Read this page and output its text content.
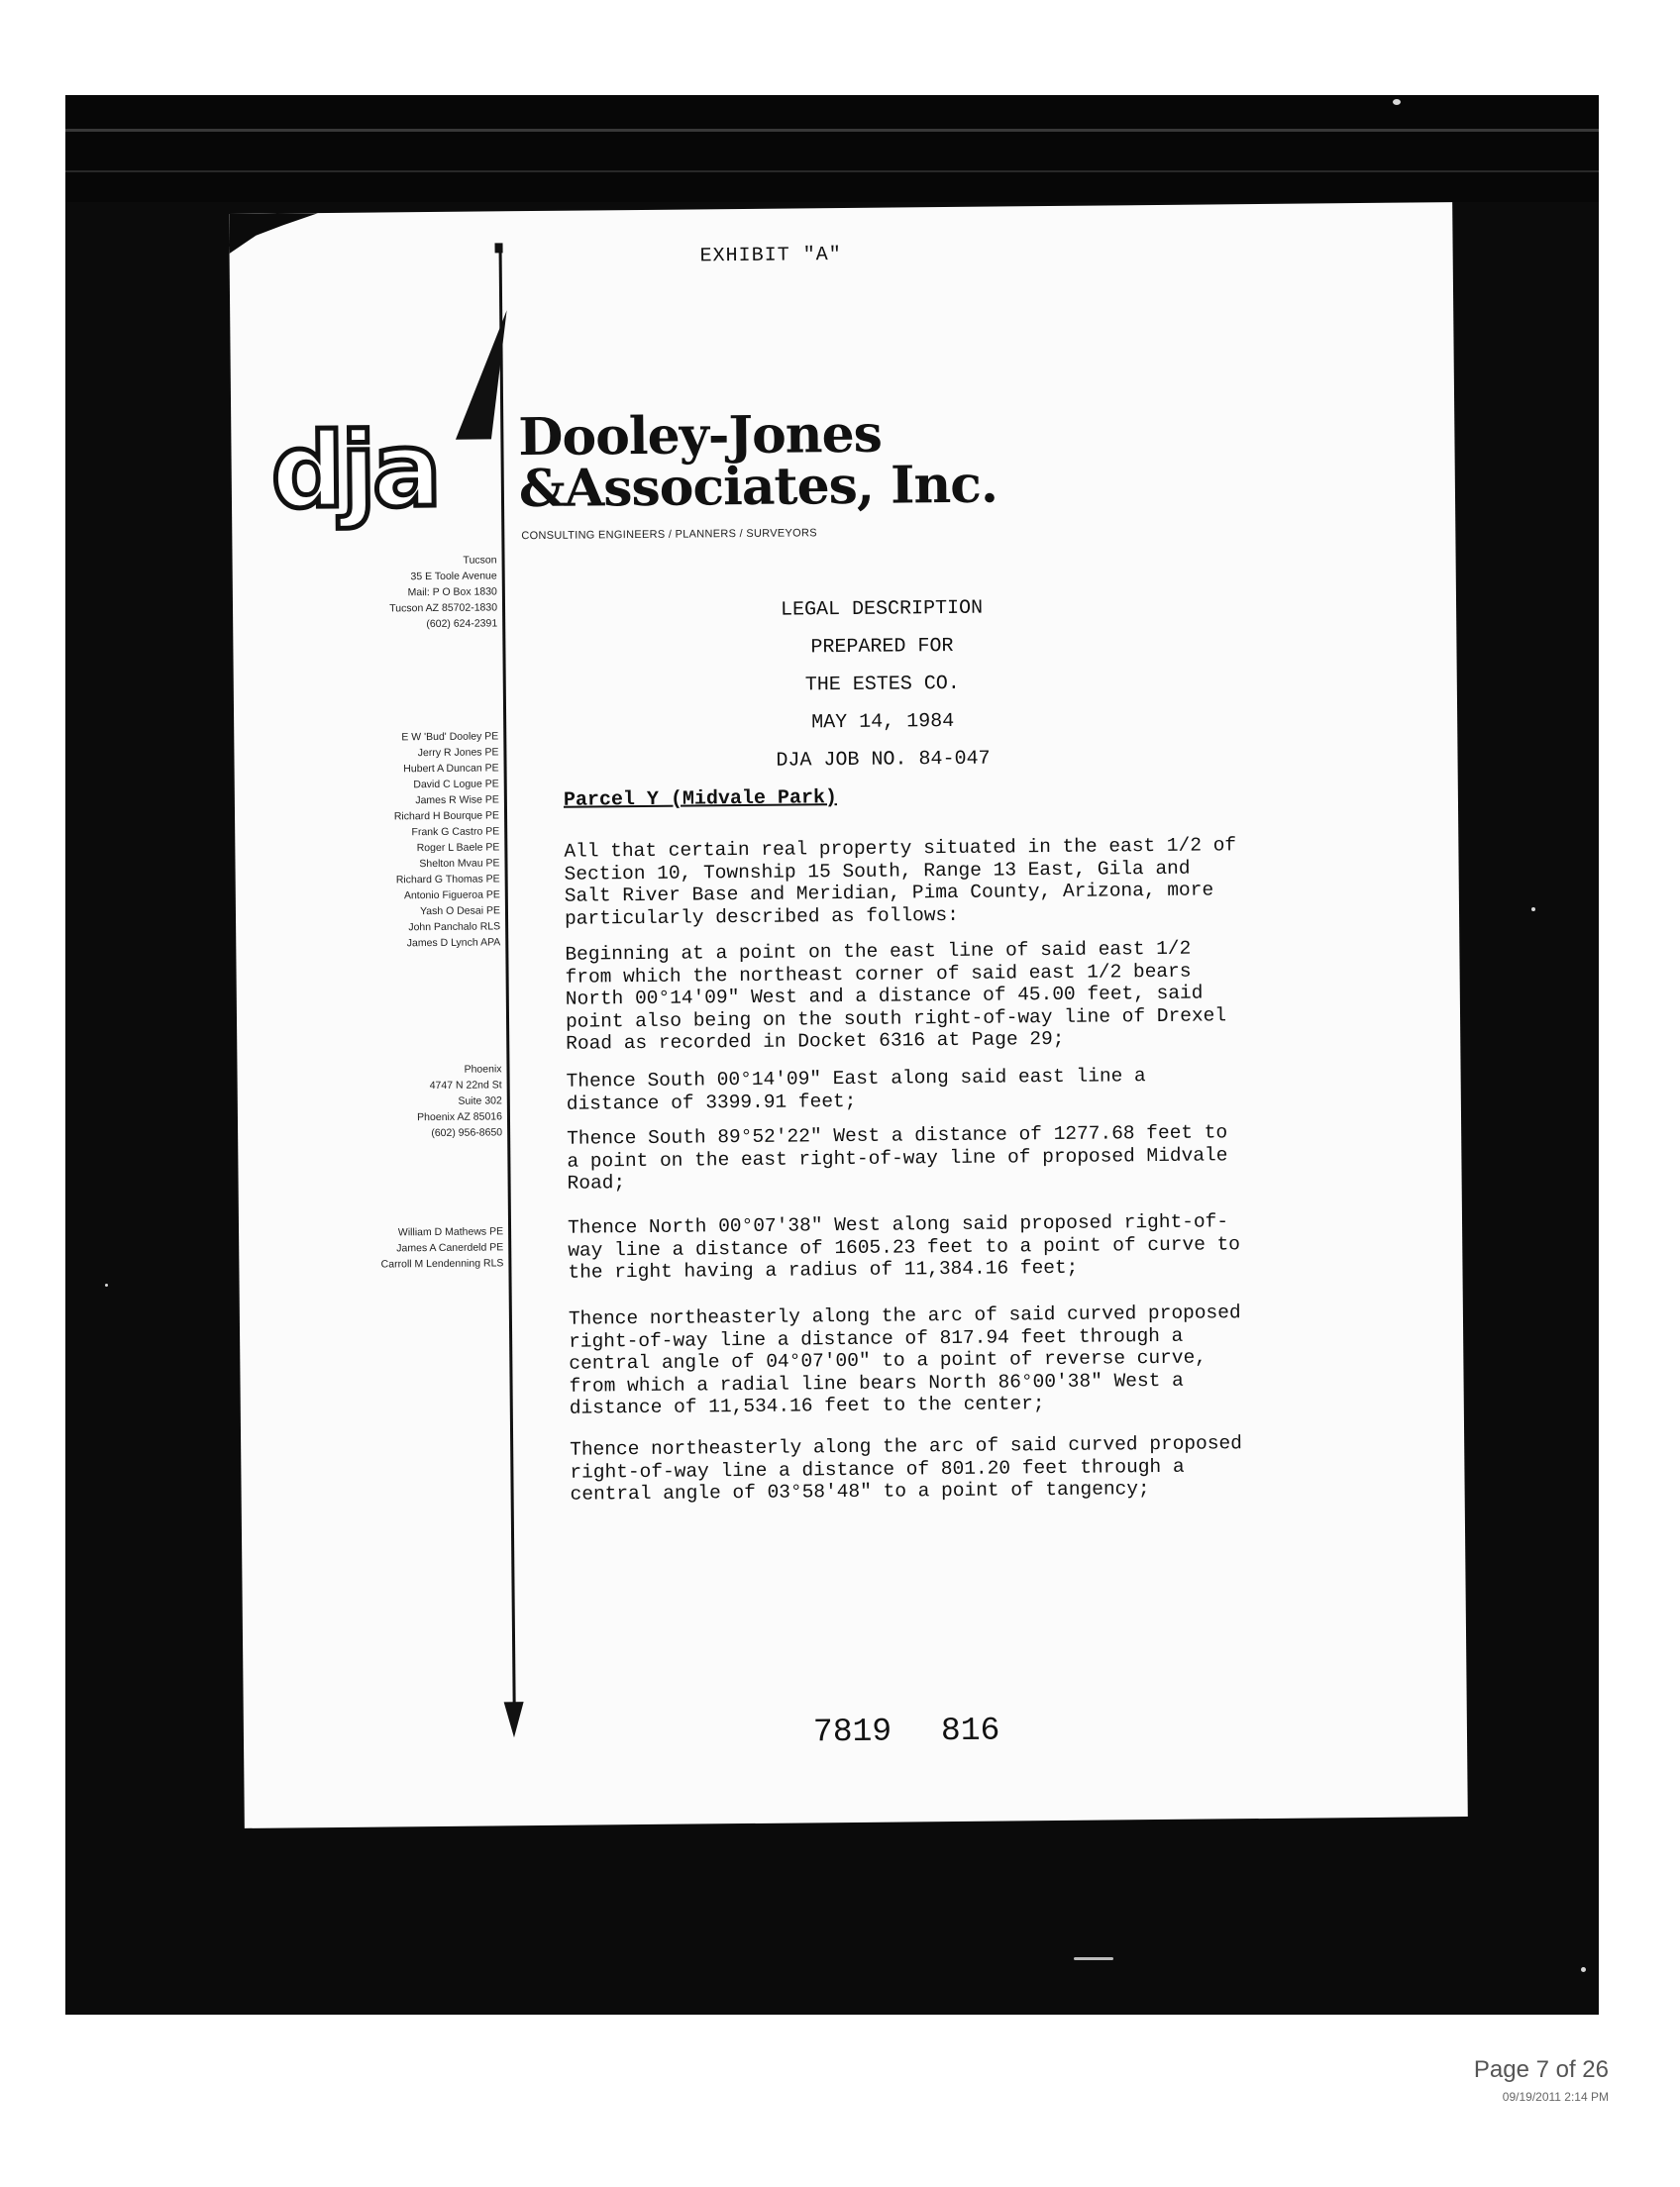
EXHIBIT "A"
dja Dooley-Jones
&Associates, Inc.
CONSULTING ENGINEERS / PLANNERS / SURVEYORS
Tucson
35 E Toole Avenue
Mail: P O Box 1830
Tucson AZ 85702-1830
(602) 624-2391
E W 'Bud' Dooley PE
Jerry R Jones PE
Hubert A Duncan PE
David C Logue PE
James R Wise PE
Richard H Bourque PE
Frank G Castro PE
Roger L Baele PE
Shelton Mvau PE
Richard G Thomas PE
Antonio Figueroa PE
Yash O Desai PE
John Panchalo RLS
James D Lynch APA
Phoenix
4747 N 22nd St
Suite 302
Phoenix AZ 85016
(602) 956-8650
William D Mathews PE
James A Canerdeld PE
Carroll M Lendenning RLS
LEGAL DESCRIPTION
PREPARED FOR
THE ESTES CO.
MAY 14, 1984
DJA JOB NO. 84-047
Parcel Y (Midvale Park)
All that certain real property situated in the east 1/2 of
Section 10, Township 15 South, Range 13 East, Gila and
Salt River Base and Meridian, Pima County, Arizona, more
particularly described as follows:
Beginning at a point on the east line of said east 1/2
from which the northeast corner of said east 1/2 bears
North 00°14'09" West and a distance of 45.00 feet, said
point also being on the south right-of-way line of Drexel
Road as recorded in Docket 6316 at Page 29;
Thence South 00°14'09" East along said east line a
distance of 3399.91 feet;
Thence South 89°52'22" West a distance of 1277.68 feet to
a point on the east right-of-way line of proposed Midvale
Road;
Thence North 00°07'38" West along said proposed right-of-
way line a distance of 1605.23 feet to a point of curve to
the right having a radius of 11,384.16 feet;
Thence northeasterly along the arc of said curved proposed
right-of-way line a distance of 817.94 feet through a
central angle of 04°07'00" to a point of reverse curve,
from which a radial line bears North 86°00'38" West a
distance of 11,534.16 feet to the center;
Thence northeasterly along the arc of said curved proposed
right-of-way line a distance of 801.20 feet through a
central angle of 03°58'48" to a point of tangency;
7819 816
Page 7 of 26
09/19/2011 2:14 PM
